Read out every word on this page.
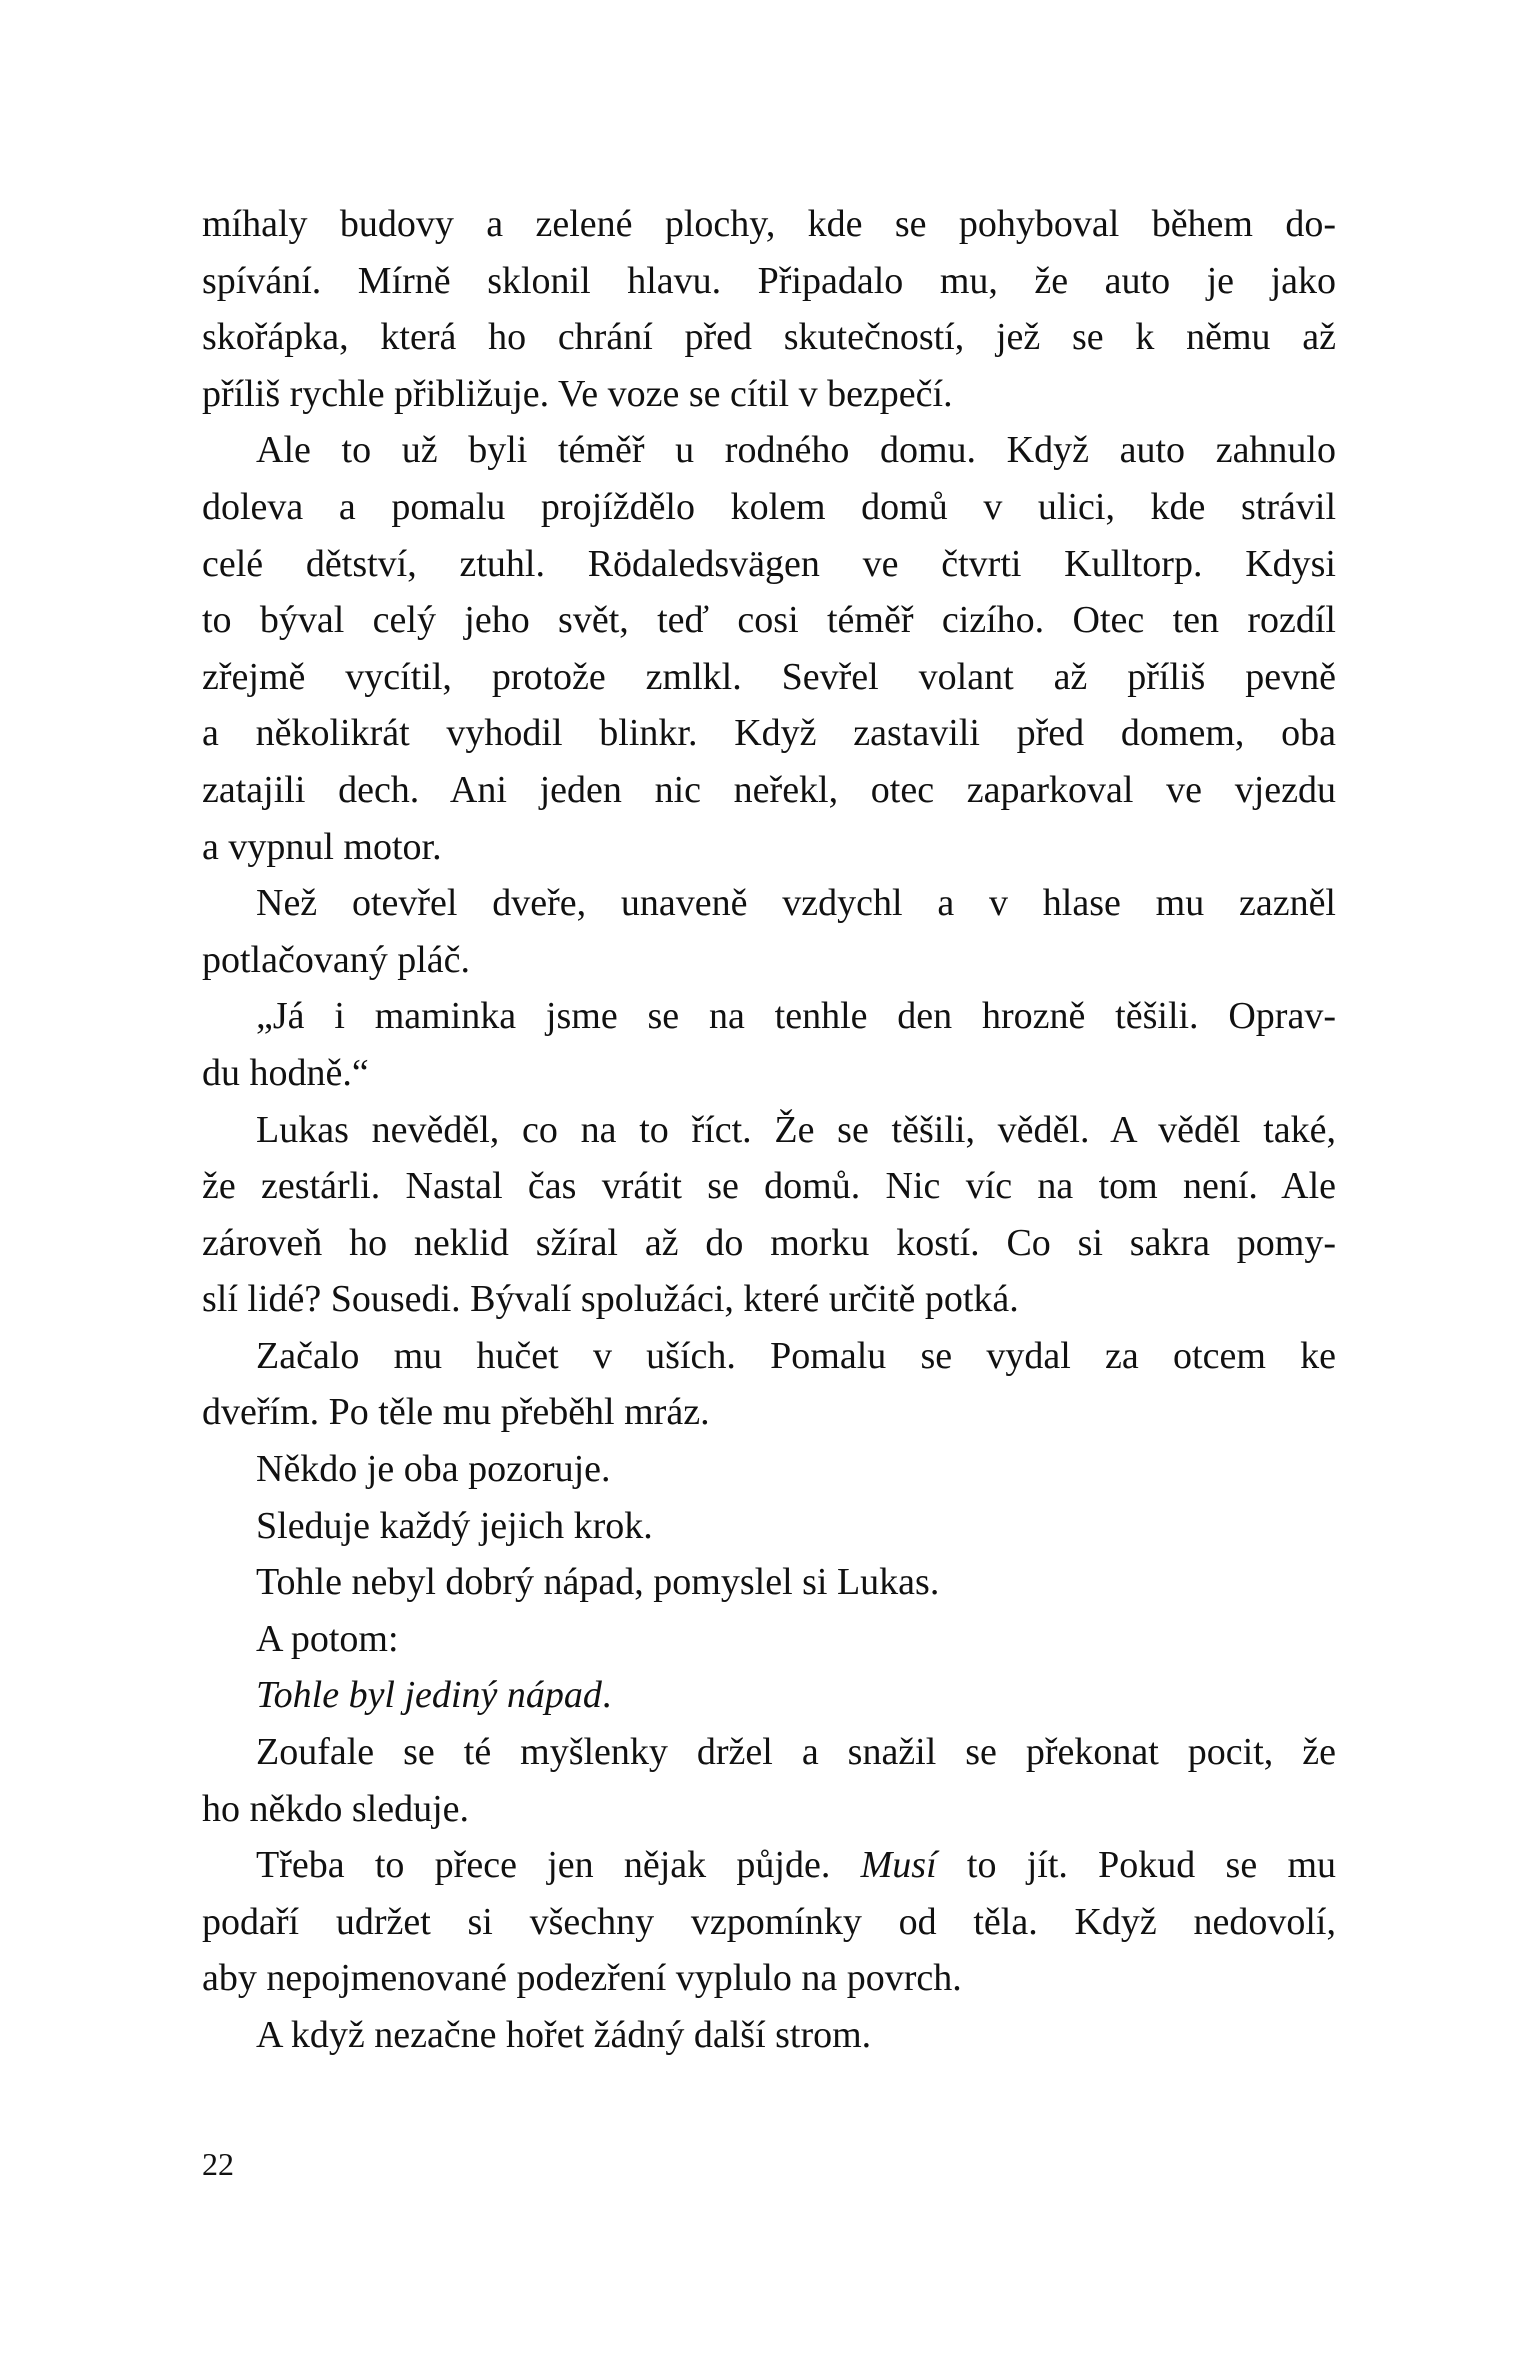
míhaly budovy a zelené plochy, kde se pohyboval během do-
spívání. Mírně sklonil hlavu. Připadalo mu, že auto je jako
skořápka, která ho chrání před skutečností, jež se k němu až
příliš rychle přibližuje. Ve voze se cítil v bezpečí.
Ale to už byli téměř u rodného domu. Když auto zahnulo
doleva a pomalu projíždělo kolem domů v ulici, kde strávil
celé dětství, ztuhl. Rödaledsvägen ve čtvrti Kulltorp. Kdysi
to býval celý jeho svět, teď cosi téměř cizího. Otec ten rozdíl
zřejmě vycítil, protože zmlkl. Sevřel volant až příliš pevně
a několikrát vyhodil blinkr. Když zastavili před domem, oba
zatajili dech. Ani jeden nic neřekl, otec zaparkoval ve vjezdu
a vypnul motor.
Než otevřel dveře, unaveně vzdychl a v hlase mu zazněl
potlačovaný pláč.
„Já i maminka jsme se na tenhle den hrozně těšili. Oprav-
du hodně.“
Lukas nevěděl, co na to říct. Že se těšili, věděl. A věděl také,
že zestárli. Nastal čas vrátit se domů. Nic víc na tom není. Ale
zároveň ho neklid sžíral až do morku kostí. Co si sakra pomy-
slí lidé? Sousedi. Bývalí spolužáci, které určitě potká.
Začalo mu hučet v uších. Pomalu se vydal za otcem ke
dveřím. Po těle mu přeběhl mráz.
Někdo je oba pozoruje.
Sleduje každý jejich krok.
Tohle nebyl dobrý nápad, pomyslel si Lukas.
A potom:
Tohle byl jediný nápad.
Zoufale se té myšlenky držel a snažil se překonat pocit, že
ho někdo sleduje.
Třeba to přece jen nějak půjde. Musí to jít. Pokud se mu
podaří udržet si všechny vzpomínky od těla. Když nedovolí,
aby nepojmenované podezření vyplulo na povrch.
A když nezačne hořet žádný další strom.
22
